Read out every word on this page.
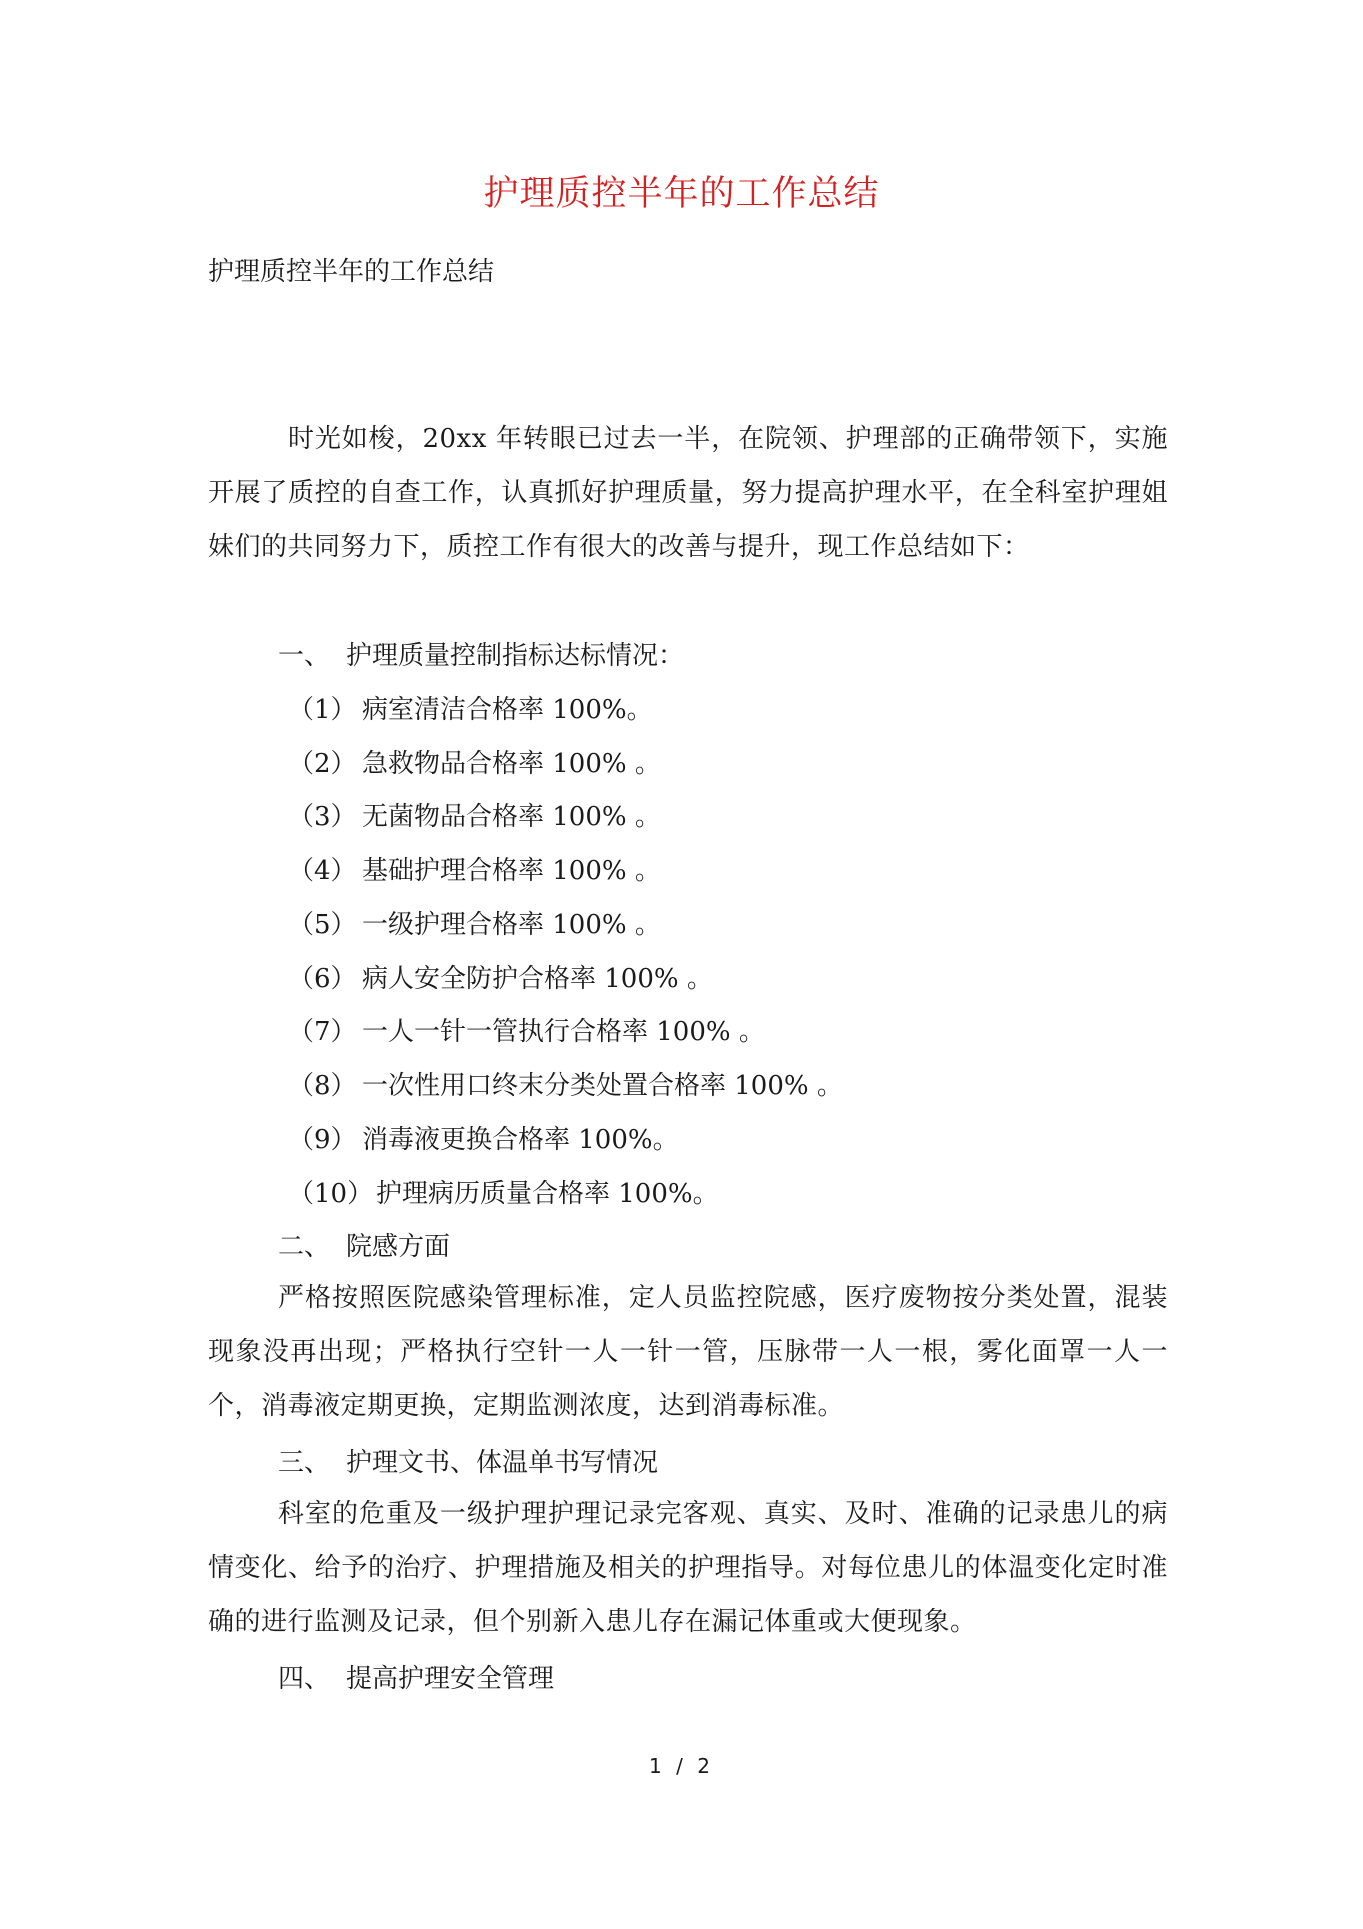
护理质控半年的工作总结
护理质控半年的工作总结
时光如梭，20xx 年转眼已过去一半，在院领、护理部的正确带领下，实施开展了质控的自查工作，认真抓好护理质量，努力提高护理水平，在全科室护理姐妹们的共同努力下，质控工作有很大的改善与提升，现工作总结如下：
一、 护理质量控制指标达标情况：
（1） 病室清洁合格率 100%。
（2） 急救物品合格率 100% 。
（3） 无菌物品合格率 100% 。
（4） 基础护理合格率 100% 。
（5） 一级护理合格率 100% 。
（6） 病人安全防护合格率 100% 。
（7） 一人一针一管执行合格率 100% 。
（8） 一次性用口终末分类处置合格率 100% 。
（9） 消毒液更换合格率 100%。
（10） 护理病历质量合格率 100%。
二、 院感方面
严格按照医院感染管理标准，定人员监控院感，医疗废物按分类处置，混装现象没再出现；严格执行空针一人一针一管，压脉带一人一根，雾化面罩一人一个，消毒液定期更换，定期监测浓度，达到消毒标准。
三、 护理文书、体温单书写情况
科室的危重及一级护理护理记录完客观、真实、及时、准确的记录患儿的病情变化、给予的治疗、护理措施及相关的护理指导。对每位患儿的体温变化定时准确的进行监测及记录，但个别新入患儿存在漏记体重或大便现象。
四、 提高护理安全管理
1 / 2
